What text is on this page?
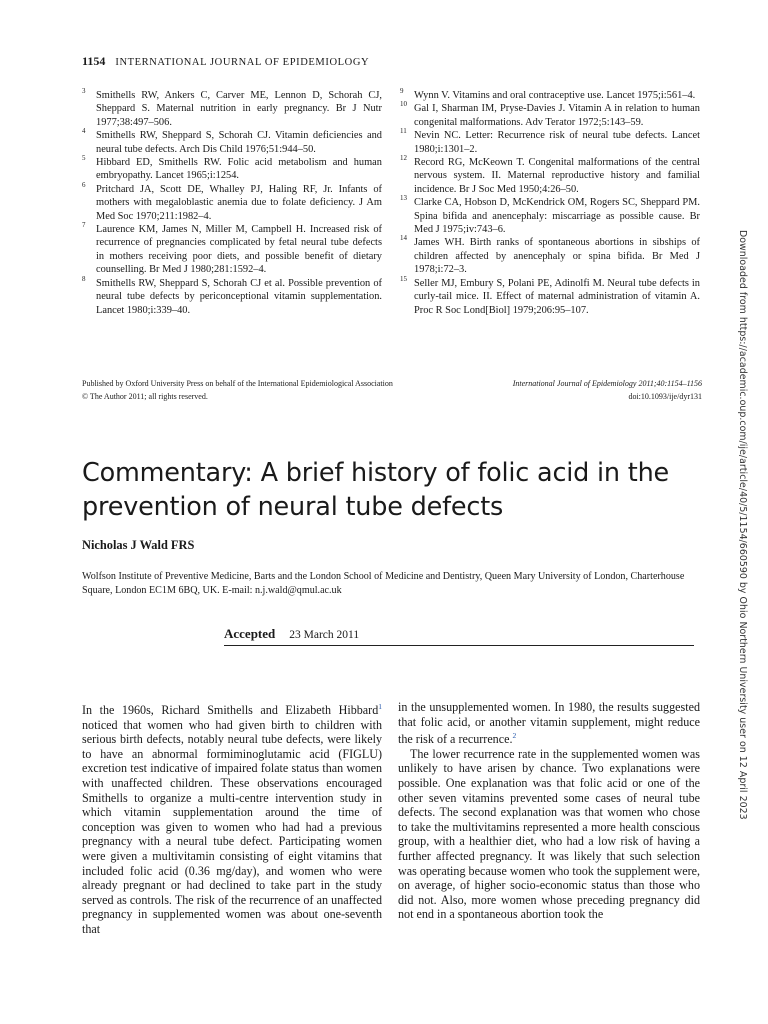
1154 INTERNATIONAL JOURNAL OF EPIDEMIOLOGY
3 Smithells RW, Ankers C, Carver ME, Lennon D, Schorah CJ, Sheppard S. Maternal nutrition in early pregnancy. Br J Nutr 1977;38:497–506.
4 Smithells RW, Sheppard S, Schorah CJ. Vitamin deficiencies and neural tube defects. Arch Dis Child 1976;51:944–50.
5 Hibbard ED, Smithells RW. Folic acid metabolism and human embryopathy. Lancet 1965;i:1254.
6 Pritchard JA, Scott DE, Whalley PJ, Haling RF, Jr. Infants of mothers with megaloblastic anemia due to folate deficiency. J Am Med Soc 1970;211:1982–4.
7 Laurence KM, James N, Miller M, Campbell H. Increased risk of recurrence of pregnancies complicated by fetal neural tube defects in mothers receiving poor diets, and possible benefit of dietary counselling. Br Med J 1980;281:1592–4.
8 Smithells RW, Sheppard S, Schorah CJ et al. Possible prevention of neural tube defects by periconceptional vitamin supplementation. Lancet 1980;i:339–40.
9 Wynn V. Vitamins and oral contraceptive use. Lancet 1975;i:561–4.
10 Gal I, Sharman IM, Pryse-Davies J. Vitamin A in relation to human congenital malformations. Adv Terator 1972;5:143–59.
11 Nevin NC. Letter: Recurrence risk of neural tube defects. Lancet 1980;i:1301–2.
12 Record RG, McKeown T. Congenital malformations of the central nervous system. II. Maternal reproductive history and familial incidence. Br J Soc Med 1950;4:26–50.
13 Clarke CA, Hobson D, McKendrick OM, Rogers SC, Sheppard PM. Spina bifida and anencephaly: miscarriage as possible cause. Br Med J 1975;iv:743–6.
14 James WH. Birth ranks of spontaneous abortions in sibships of children affected by anencephaly or spina bifida. Br Med J 1978;i:72–3.
15 Seller MJ, Embury S, Polani PE, Adinolfi M. Neural tube defects in curly-tail mice. II. Effect of maternal administration of vitamin A. Proc R Soc Lond[Biol] 1979;206:95–107.
Published by Oxford University Press on behalf of the International Epidemiological Association
© The Author 2011; all rights reserved.
International Journal of Epidemiology 2011;40:1154–1156
doi:10.1093/ije/dyr131
Commentary: A brief history of folic acid in the prevention of neural tube defects
Nicholas J Wald FRS
Wolfson Institute of Preventive Medicine, Barts and the London School of Medicine and Dentistry, Queen Mary University of London, Charterhouse Square, London EC1M 6BQ, UK. E-mail: n.j.wald@qmul.ac.uk
Accepted 23 March 2011

In the 1960s, Richard Smithells and Elizabeth Hibbard$^1$ noticed that women who had given birth to children with serious birth defects, notably neural tube defects, were likely to have an abnormal formiminoglutamic acid (FIGLU) excretion test indicative of impaired folate status than women with unaffected children. These observations encouraged Smithells to organize a multi-centre intervention study in which vitamin supplementation around the time of conception was given to women who had had a previous pregnancy with a neural tube defect. Participating women were given a multivitamin consisting of eight vitamins that included folic acid (0.36 mg/day), and women who were already pregnant or had declined to take part in the study served as controls. The risk of the recurrence of an unaffected pregnancy in supplemented women was about one-seventh that

in the unsupplemented women. In 1980, the results suggested that folic acid, or another vitamin supplement, might reduce the risk of a recurrence.$^2$

The lower recurrence rate in the supplemented women was unlikely to have arisen by chance. Two explanations were possible. One explanation was that folic acid or one of the other seven vitamins prevented some cases of neural tube defects. The second explanation was that women who chose to take the multivitamins represented a more health conscious group, with a healthier diet, who had a low risk of having a further affected pregnancy. It was likely that such selection was operating because women who took the supplement were, on average, of higher socio-economic status than those who did not. Also, more women whose preceding pregnancy did not end in a spontaneous abortion took the

Downloaded from https://academic.oup.com/ije/article/40/5/1154/660590 by Ohio Northern University user on 12 April 2023
